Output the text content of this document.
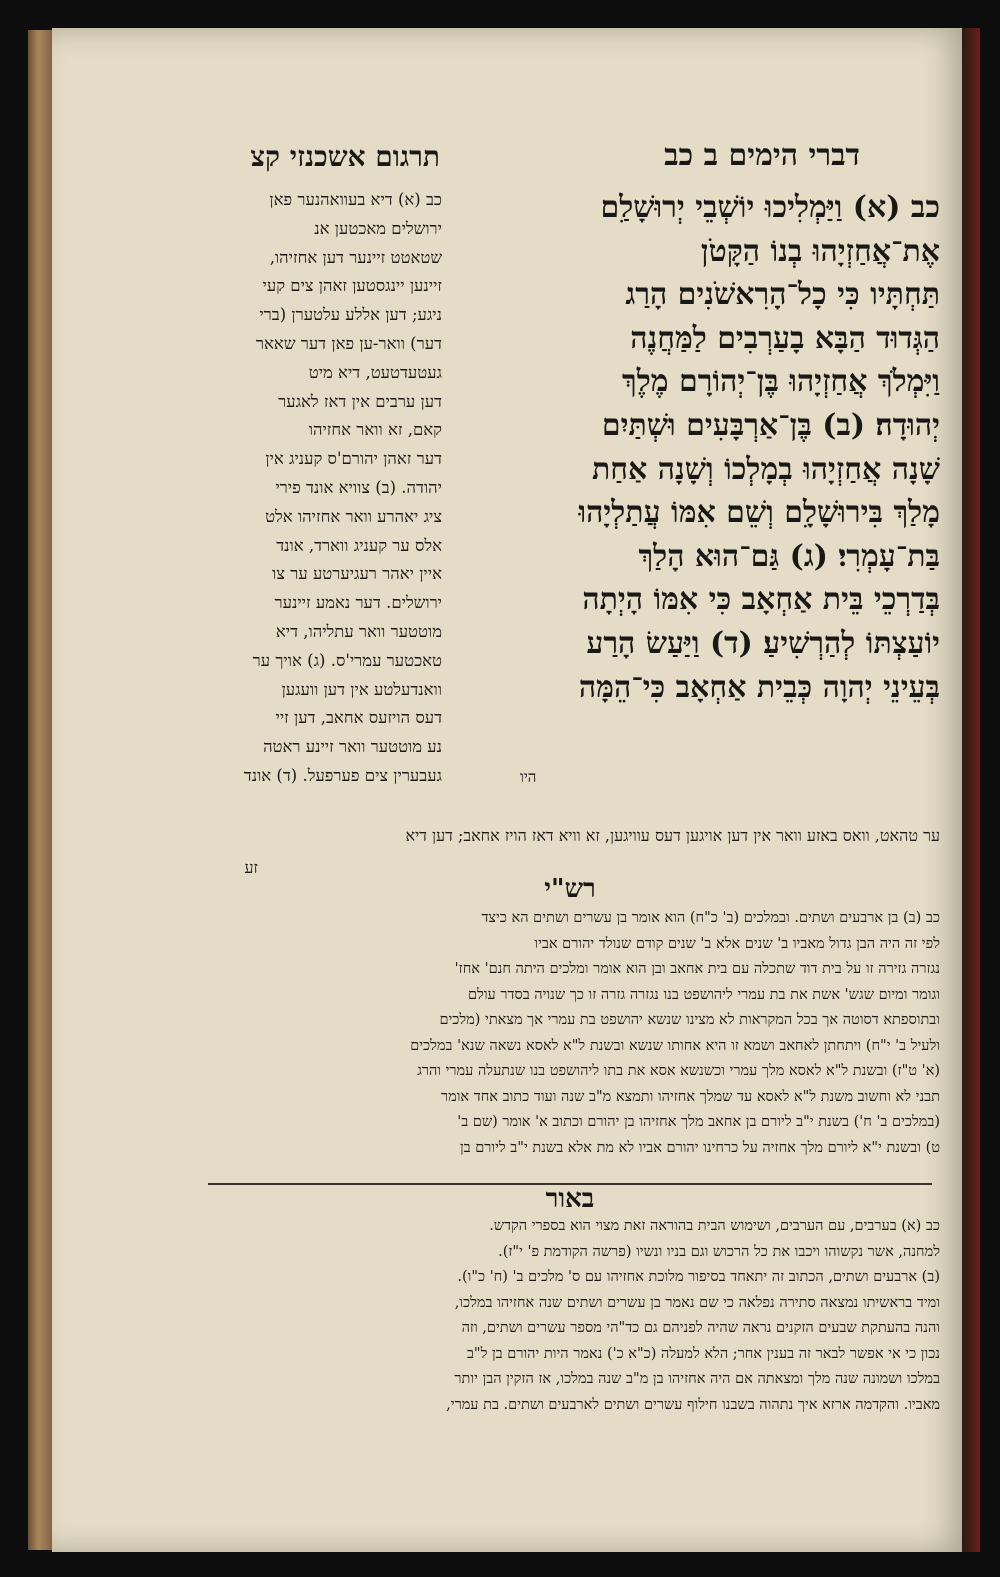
תרגום אשכנזי קצ	דברי הימים ב כב
כב (א) דיא בעוואהנער פאן
ירושלים מאכטען אנ
שטאטט זיינער דען אחזיהו,
זיינען יינגסטען זאהן צים קעי
ניגע; דען אללע עלטערן (ברי
דער) וואר-ען פאן דער שאאר
געטעדטעט, דיא מיט
דען ערבים אין דאז לאגער
קאם, זא וואר אחזיהו
דער זאהן יהורם'ס קעניג אין
יהודה. (ב) צוויא אונד פירי
ציג יאהרע וואר אחזיהו אלט
אלס ער קעניג ווארד, אונד
איין יאהר רעגיערטע ער צו
ירושלים. דער נאמע זיינער
מוטטער וואר עתליהו, דיא
טאכטער עמרי'ס. (ג) אויך ער
וואנדעלטע אין דען וועגען
דעס הויזעס אחאב, דען זיי
נע מוטטער וואר זיינע ראטה
געבערין צים פערפעל. (ד) אונד
כב (א) וַיַּמְלִיכוּ יוֹשְׁבֵי יְרוּשָׁלַ͏ִם
אֶת־אֲחַזְיָהוּ בְנוֹ הַקָּטֹן
תַּחְתָּיו כִּי כָל־הָרִאשֹׁנִים הָרַג
הַגְּדוּד הַבָּא בָעַרְבִים לַמַּחֲנֶה
וַיִּמְלֹךְ אֲחַזְיָהוּ בֶּן־יְהוֹרָם מֶלֶךְ
יְהוּדָה׃ (ב) בֶּן־אַרְבָּעִים וּשְׁתַּיִם
שָׁנָה אֲחַזְיָהוּ בְמָלְכוֹ וְשָׁנָה אַחַת
מָלַךְ בִּירוּשָׁלָ͏ִם וְשֵׁם אִמּוֹ עֲתַלְיָהוּ
בַּת־עָמְרִי׃ (ג) גַּם־הוּא הָלַךְ
בְּדַרְכֵי בֵּית אַחְאָב כִּי אִמּוֹ הָיְתָה
יוֹעַצְתּוֹ לְהַרְשִׁיעַ׃ (ד) וַיַּעַשׂ הָרַע
בְּעֵינֵי יְהוָה כְּבֵית אַחְאָב כִּי־הֵמָּה
היו
ער טהאט, וואס באזע וואר אין דען אויגען דעס עוויגען, זא וויא דאז הויז אחאב; דען דיא
זע
רש"י
כב (ב) בן ארבעים ושתים. ובמלכים (ב' כ"ח) הוא אומר בן עשרים ושתים הא כיצד
לפי זה היה הבן גדול מאביו ב' שנים אלא ב' שנים קודם שנולד יהורם אביו
נגזרה גזירה זו על בית דוד שתכלה עם בית אחאב ובן הוא אומר ומלכים היתה חנם' אחז'
וגומר ומיום שגש' אשת את בת עמרי ליהושפט בנו נגזרה גזרה זו כך שנויה בסדר עולם
ובתוספתא דסוטה אך בכל המקראות לא מצינו שנשא יהושפט בת עמרי אך מצאתי (מלכים
ולעיל ב' י"ח) ויתחתן לאחאב ושמא זו היא אחותו שנשא ובשנת ל"א לאסא נשאה שנא' במלכים
(א' ט"ז) ובשנת ל"א לאסא מלך עמרי וכשנשא אסא את בתו ליהושפט בנו שנתעלה עמרי והרג
תבני לא וחשוב משנת ל"א לאסא עד שמלך אחזיהו ותמצא מ"ב שנה ועוד כתוב אחד אומר
(במלכים ב' ח') בשנת י"ב ליורם בן אחאב מלך אחזיהו בן יהורם וכתוב א' אומר (שם ב'
ט) ובשנת י"א ליורם מלך אחזיה על כרחינו יהורם אביו לא מת אלא בשנת י"ב ליורם בן
באור
כב (א) בערבים, עם הערבים, ושימוש הבית בהוראה זאת מצוי הוא בספרי הקדש.
למחנה, אשר נקשוהו ויכבו את כל הרכוש וגם בניו ונשיו (פרשה הקודמת פ' י"ז).
(ב) ארבעים ושתים, הכתוב זה יתאחד בסיפור מלוכת אחזיהו עם ס' מלכים ב' (ח' כ"ו).
ומיד בראשיתו נמצאה סתירה נפלאה כי שם נאמר בן עשרים ושתים שנה אחזיהו במלכו,
והנה בהעתקת שבעים הזקנים נראה שהיה לפניהם גם כד"הי מספר עשרים ושתים, וזה
נכון כי אי אפשר לבאר זה בענין אחר; הלא למעלה (כ"א כ') נאמר היות יהורם בן ל"ב
במלכו ושמונה שנה מלך ומצאתה אם היה אחזיהו בן מ"ב שנה במלכו, אז הזקין הבן יותר
מאביו. והקדמה ארזא איך נתהוה בשבנו חילוף עשרים ושתים לארבעים ושתים. בת עמרי,
